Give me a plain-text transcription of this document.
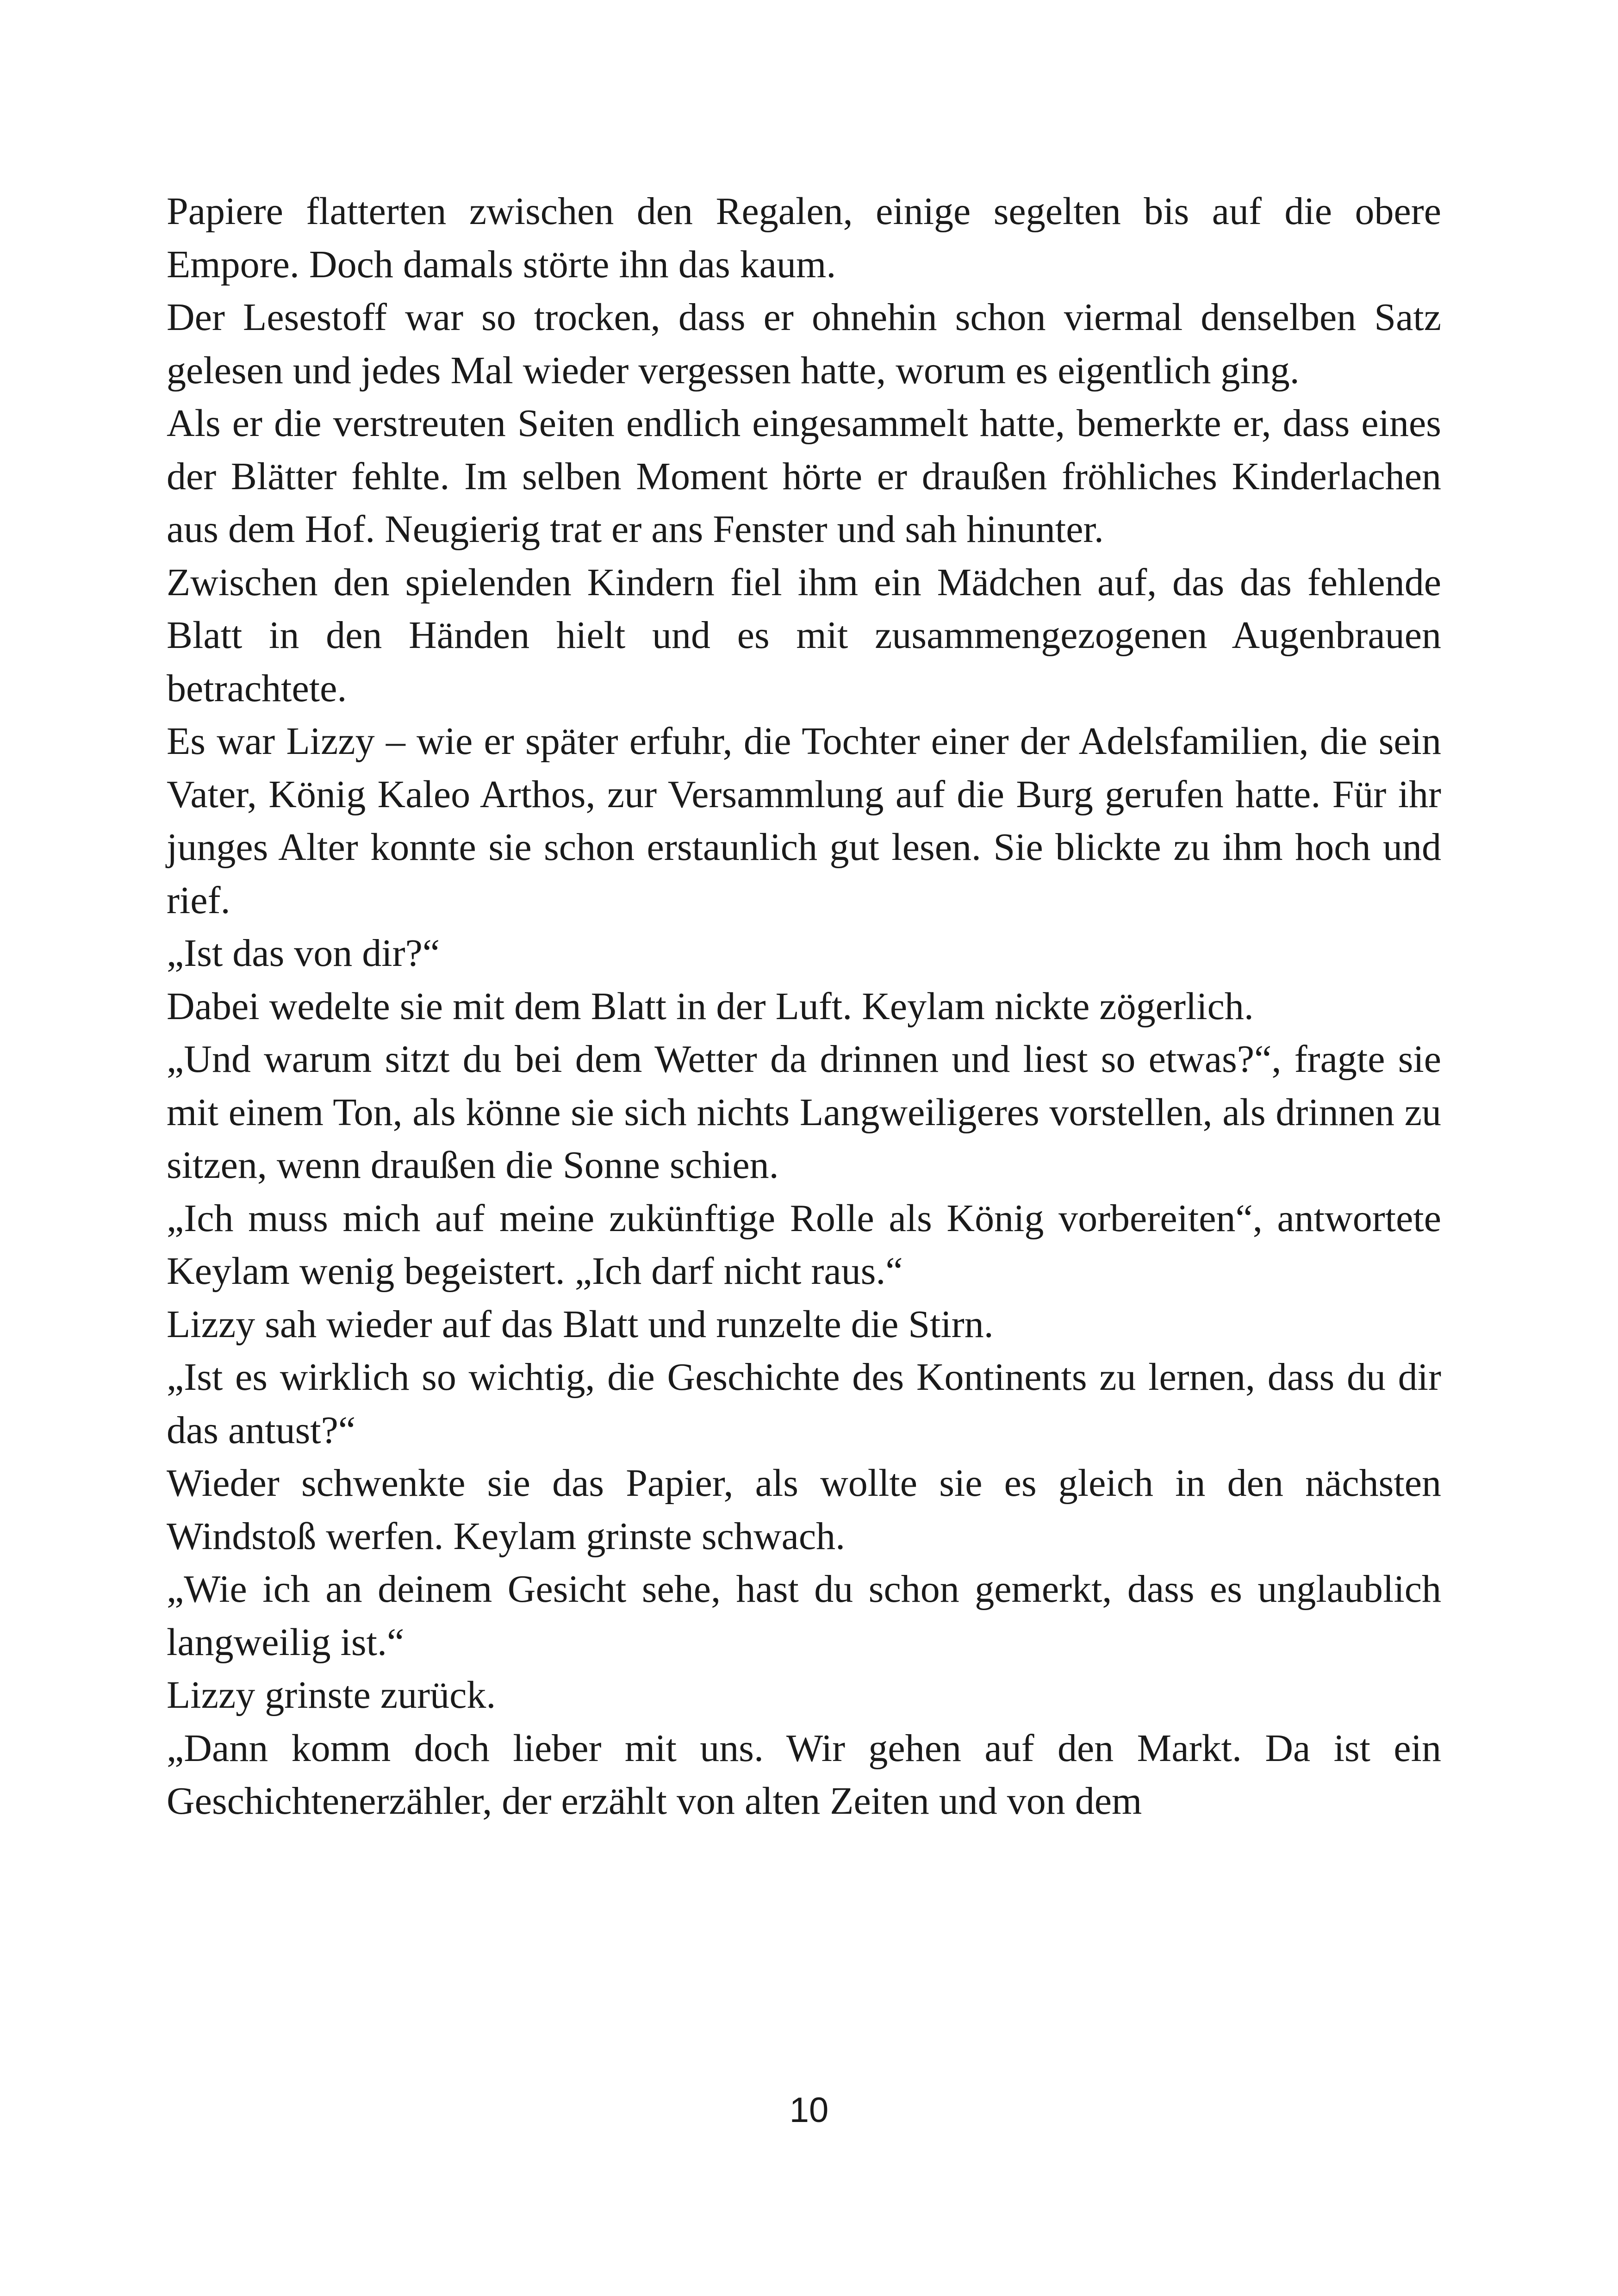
Papiere flatterten zwischen den Regalen, einige segelten bis auf die obere Empore. Doch damals störte ihn das kaum.

Der Lesestoff war so trocken, dass er ohnehin schon viermal denselben Satz gelesen und jedes Mal wieder vergessen hatte, worum es eigentlich ging.

Als er die verstreuten Seiten endlich eingesammelt hatte, bemerkte er, dass eines der Blätter fehlte. Im selben Moment hörte er draußen fröhliches Kinderlachen aus dem Hof. Neugierig trat er ans Fenster und sah hinunter.

Zwischen den spielenden Kindern fiel ihm ein Mädchen auf, das das fehlende Blatt in den Händen hielt und es mit zusammengezogenen Augenbrauen betrachtete.

Es war Lizzy – wie er später erfuhr, die Tochter einer der Adelsfamilien, die sein Vater, König Kaleo Arthos, zur Versammlung auf die Burg gerufen hatte. Für ihr junges Alter konnte sie schon erstaunlich gut lesen. Sie blickte zu ihm hoch und rief.

„Ist das von dir?“

Dabei wedelte sie mit dem Blatt in der Luft. Keylam nickte zögerlich.

„Und warum sitzt du bei dem Wetter da drinnen und liest so etwas?“, fragte sie mit einem Ton, als könne sie sich nichts Langweiligeres vorstellen, als drinnen zu sitzen, wenn draußen die Sonne schien.

„Ich muss mich auf meine zukünftige Rolle als König vorbereiten“, antwortete Keylam wenig begeistert. „Ich darf nicht raus.“

Lizzy sah wieder auf das Blatt und runzelte die Stirn.

„Ist es wirklich so wichtig, die Geschichte des Kontinents zu lernen, dass du dir das antust?“

Wieder schwenkte sie das Papier, als wollte sie es gleich in den nächsten Windstoß werfen. Keylam grinste schwach.

„Wie ich an deinem Gesicht sehe, hast du schon gemerkt, dass es unglaublich langweilig ist.“

Lizzy grinste zurück.

„Dann komm doch lieber mit uns. Wir gehen auf den Markt. Da ist ein Geschichtenerzähler, der erzählt von alten Zeiten und von dem

10
